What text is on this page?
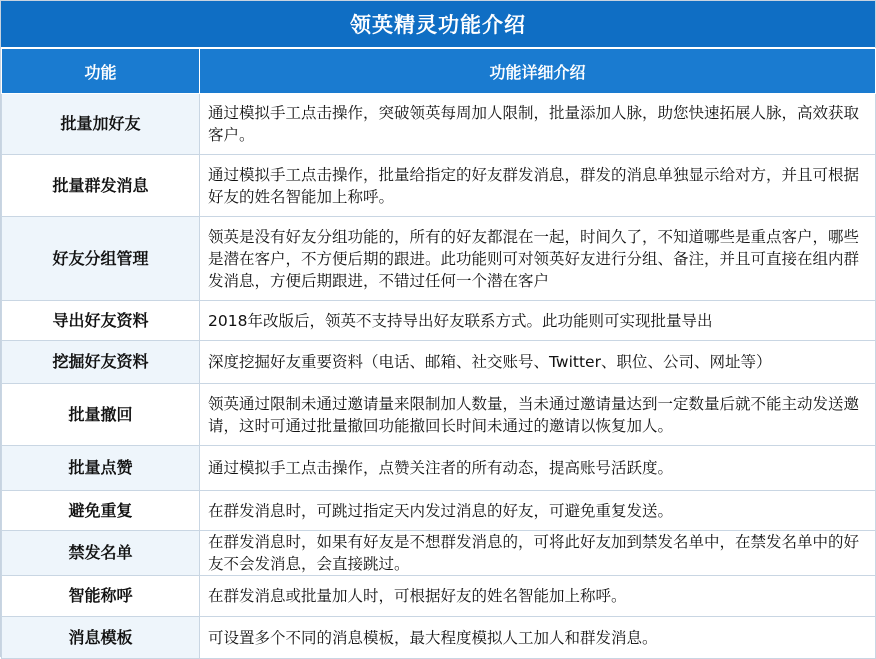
领英精灵功能介绍
功能	功能详细介绍
批量加好友	通过模拟手工点击操作，突破领英每周加人限制，批量添加人脉，助您快速拓展人脉，高效获取客户。
批量群发消息	通过模拟手工点击操作，批量给指定的好友群发消息，群发的消息单独显示给对方，并且可根据好友的姓名智能加上称呼。
好友分组管理	领英是没有好友分组功能的，所有的好友都混在一起，时间久了，不知道哪些是重点客户，哪些是潜在客户，不方便后期的跟进。此功能则可对领英好友进行分组、备注，并且可直接在组内群发消息，方便后期跟进，不错过任何一个潜在客户
导出好友资料	2018年改版后，领英不支持导出好友联系方式。此功能则可实现批量导出
挖掘好友资料	深度挖掘好友重要资料（电话、邮箱、社交账号、Twitter、职位、公司、网址等）
批量撤回	领英通过限制未通过邀请量来限制加人数量，当未通过邀请量达到一定数量后就不能主动发送邀请，这时可通过批量撤回功能撤回长时间未通过的邀请以恢复加人。
批量点赞	通过模拟手工点击操作，点赞关注者的所有动态，提高账号活跃度。
避免重复	在群发消息时，可跳过指定天内发过消息的好友，可避免重复发送。
禁发名单	在群发消息时，如果有好友是不想群发消息的，可将此好友加到禁发名单中，在禁发名单中的好友不会发消息，会直接跳过。
智能称呼	在群发消息或批量加人时，可根据好友的姓名智能加上称呼。
消息模板	可设置多个不同的消息模板，最大程度模拟人工加人和群发消息。
